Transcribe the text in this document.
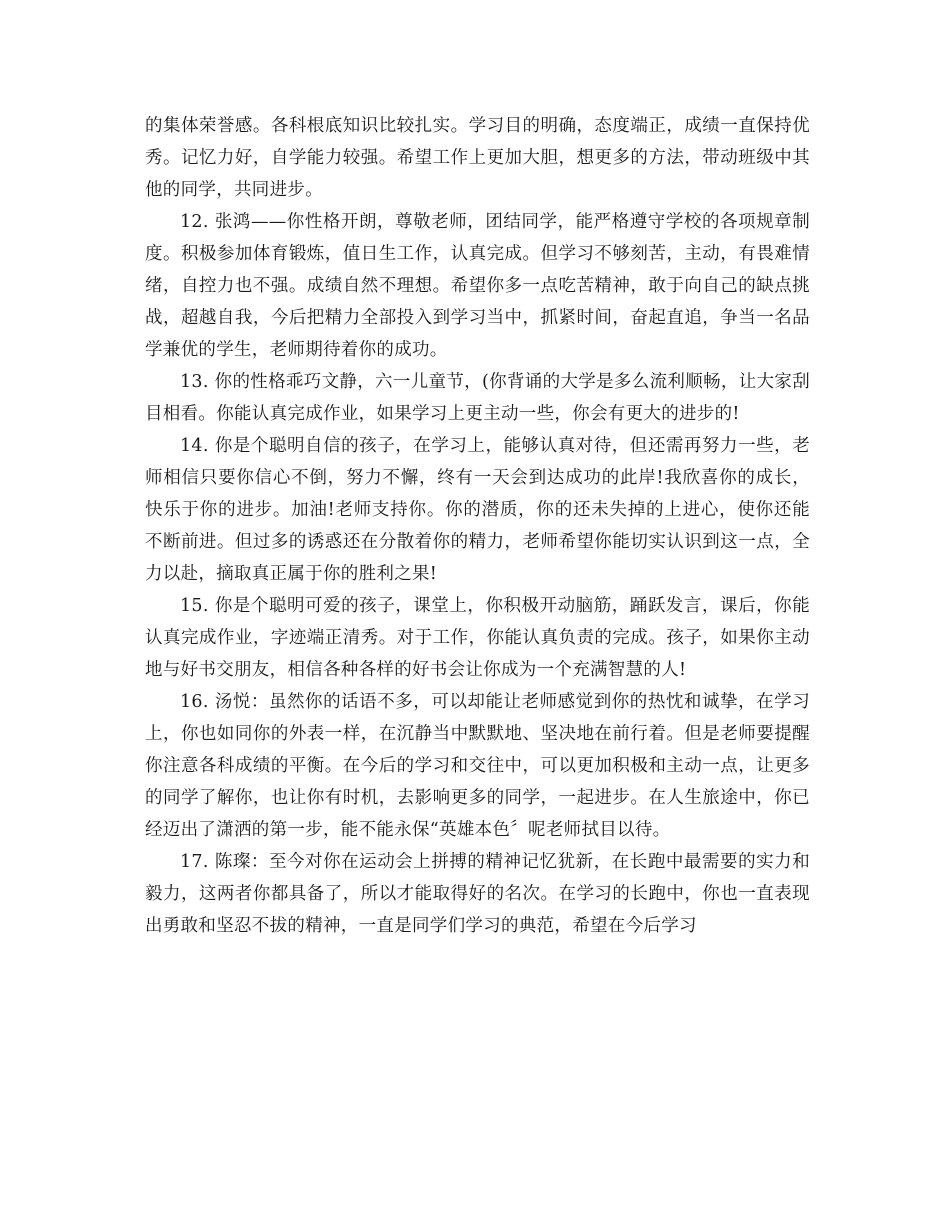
的集体荣誉感。各科根底知识比较扎实。学习目的明确，态度端正，成绩一直保持优秀。记忆力好，自学能力较强。希望工作上更加大胆，想更多的方法，带动班级中其他的同学，共同进步。

12. 张鸿——你性格开朗，尊敬老师，团结同学，能严格遵守学校的各项规章制度。积极参加体育锻炼，值日生工作，认真完成。但学习不够刻苦，主动，有畏难情绪，自控力也不强。成绩自然不理想。希望你多一点吃苦精神，敢于向自己的缺点挑战，超越自我，今后把精力全部投入到学习当中，抓紧时间，奋起直追，争当一名品学兼优的学生，老师期待着你的成功。

13. 你的性格乖巧文静，六一儿童节，(你背诵的大学是多么流利顺畅，让大家刮目相看。你能认真完成作业，如果学习上更主动一些，你会有更大的进步的!

14. 你是个聪明自信的孩子，在学习上，能够认真对待，但还需再努力一些，老师相信只要你信心不倒，努力不懈，终有一天会到达成功的此岸!我欣喜你的成长，快乐于你的进步。加油!老师支持你。你的潜质，你的还未失掉的上进心，使你还能不断前进。但过多的诱惑还在分散着你的精力，老师希望你能切实认识到这一点，全力以赴，摘取真正属于你的胜利之果!

15. 你是个聪明可爱的孩子，课堂上，你积极开动脑筋，踊跃发言，课后，你能认真完成作业，字迹端正清秀。对于工作，你能认真负责的完成。孩子，如果你主动地与好书交朋友，相信各种各样的好书会让你成为一个充满智慧的人!

16. 汤悦：虽然你的话语不多，可以却能让老师感觉到你的热忱和诚挚，在学习上，你也如同你的外表一样，在沉静当中默默地、坚决地在前行着。但是老师要提醒你注意各科成绩的平衡。在今后的学习和交往中，可以更加积极和主动一点，让更多的同学了解你，也让你有时机，去影响更多的同学，一起进步。在人生旅途中，你已经迈出了潇洒的第一步，能不能永保“英雄本色〞呢老师拭目以待。

17. 陈璨：至今对你在运动会上拼搏的精神记忆犹新，在长跑中最需要的实力和毅力，这两者你都具备了，所以才能取得好的名次。在学习的长跑中，你也一直表现出勇敢和坚忍不拔的精神，一直是同学们学习的典范，希望在今后学习
